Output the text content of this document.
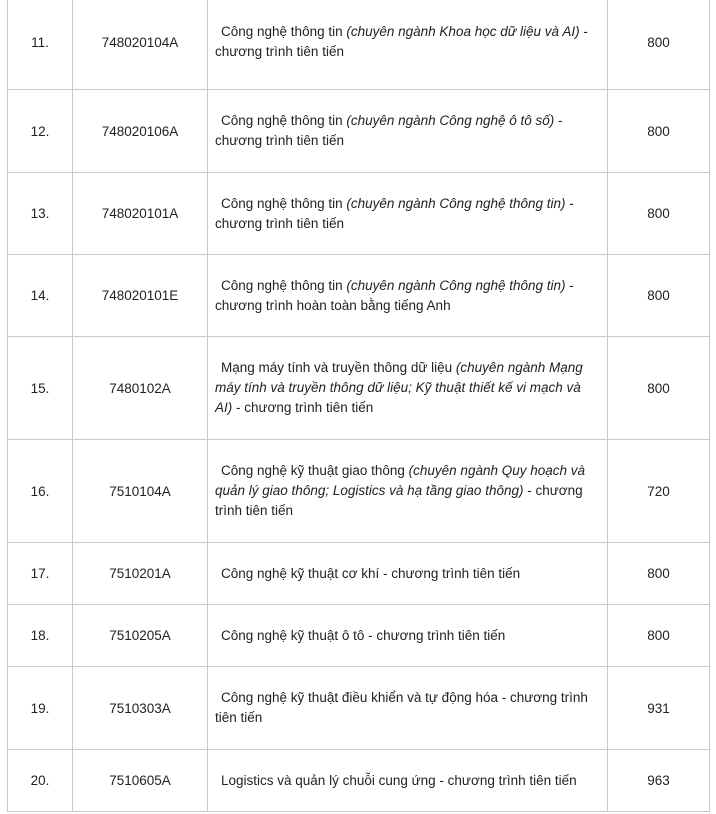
11.	748020104A	Công nghệ thông tin (chuyên ngành Khoa học dữ liệu và AI) - chương trình tiên tiến	800
12.	748020106A	Công nghệ thông tin (chuyên ngành Công nghệ ô tô số) - chương trình tiên tiến	800
13.	748020101A	Công nghệ thông tin (chuyên ngành Công nghệ thông tin) - chương trình tiên tiến	800
14.	748020101E	Công nghệ thông tin (chuyên ngành Công nghệ thông tin) - chương trình hoàn toàn bằng tiếng Anh	800
15.	7480102A	Mạng máy tính và truyền thông dữ liệu (chuyên ngành Mạng máy tính và truyền thông dữ liệu; Kỹ thuật thiết kế vi mạch và AI) - chương trình tiên tiến	800
16.	7510104A	Công nghệ kỹ thuật giao thông (chuyên ngành Quy hoạch và quản lý giao thông; Logistics và hạ tầng giao thông) - chương trình tiên tiến	720
17.	7510201A	Công nghệ kỹ thuật cơ khí - chương trình tiên tiến	800
18.	7510205A	Công nghệ kỹ thuật ô tô - chương trình tiên tiến	800
19.	7510303A	Công nghệ kỹ thuật điều khiển và tự động hóa - chương trình tiên tiến	931
20.	7510605A	Logistics và quản lý chuỗi cung ứng - chương trình tiên tiến	963
